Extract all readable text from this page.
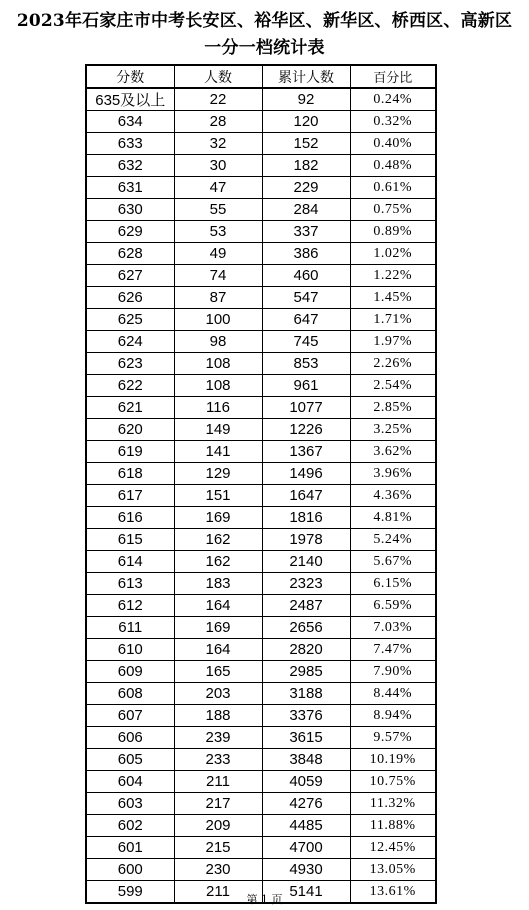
2023年石家庄市中考长安区、裕华区、新华区、桥西区、高新区
一分一档统计表
分数	人数	累计人数	百分比
635及以上	22	92	0.24%
634	28	120	0.32%
633	32	152	0.40%
632	30	182	0.48%
631	47	229	0.61%
630	55	284	0.75%
629	53	337	0.89%
628	49	386	1.02%
627	74	460	1.22%
626	87	547	1.45%
625	100	647	1.71%
624	98	745	1.97%
623	108	853	2.26%
622	108	961	2.54%
621	116	1077	2.85%
620	149	1226	3.25%
619	141	1367	3.62%
618	129	1496	3.96%
617	151	1647	4.36%
616	169	1816	4.81%
615	162	1978	5.24%
614	162	2140	5.67%
613	183	2323	6.15%
612	164	2487	6.59%
611	169	2656	7.03%
610	164	2820	7.47%
609	165	2985	7.90%
608	203	3188	8.44%
607	188	3376	8.94%
606	239	3615	9.57%
605	233	3848	10.19%
604	211	4059	10.75%
603	217	4276	11.32%
602	209	4485	11.88%
601	215	4700	12.45%
600	230	4930	13.05%
599	211	5141	13.61%
第 1 页
